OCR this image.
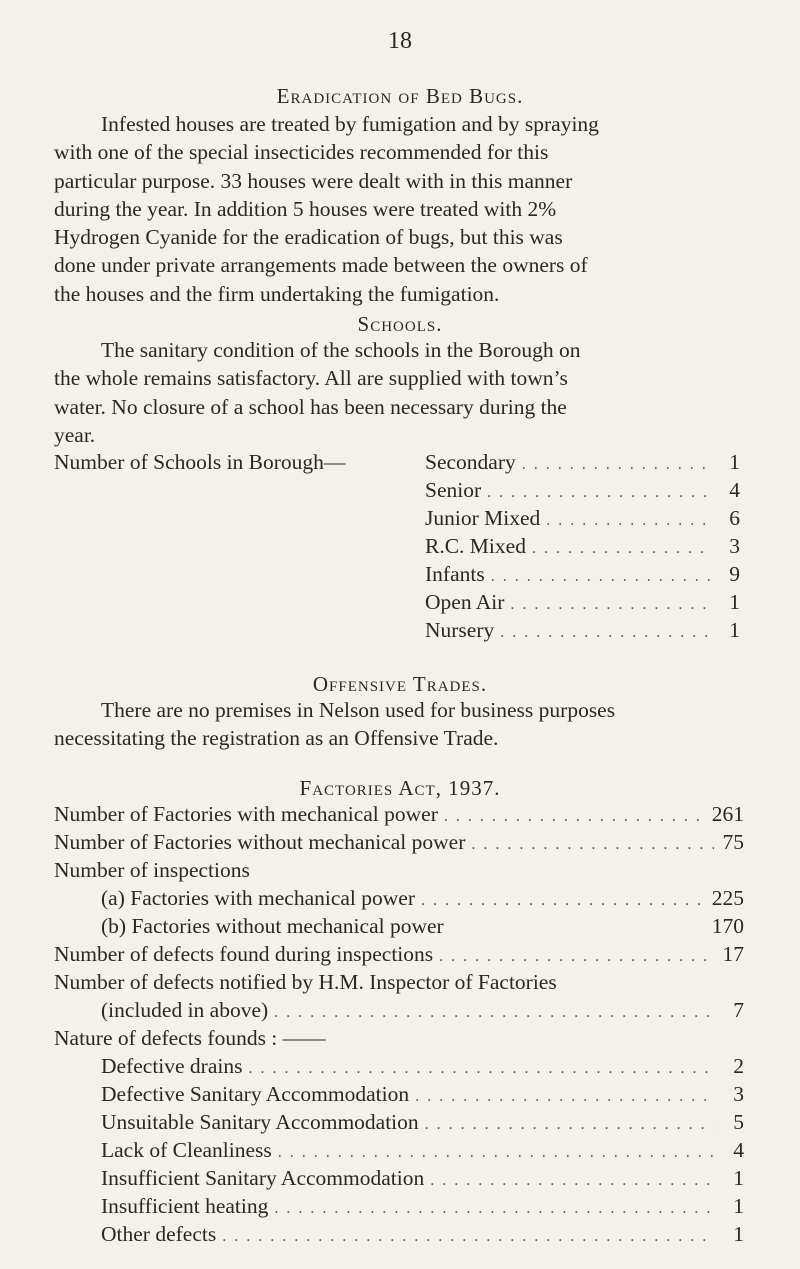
18
Eradication of Bed Bugs.
Infested houses are treated by fumigation and by spraying
with one of the special insecticides recommended for this
particular purpose. 33 houses were dealt with in this manner
during the year. In addition 5 houses were treated with 2%
Hydrogen Cyanide for the eradication of bugs, but this was
done under private arrangements made between the owners of
the houses and the firm undertaking the fumigation.
Schools.
The sanitary condition of the schools in the Borough on
the whole remains satisfactory. All are supplied with town’s
water. No closure of a school has been necessary during the
year.
Number of Schools in Borough—	Secondary . . .	1
Senior . . .	4
Junior Mixed . . .	6
R.C. Mixed . . .	3
Infants . . .	9
Open Air . . .	1
Nursery . . .	1
Offensive Trades.
There are no premises in Nelson used for business purposes
necessitating the registration as an Offensive Trade.
Factories Act, 1937.
Number of Factories with mechanical power . . .	261
Number of Factories without mechanical power . . .	75
Number of inspections
(a) Factories with mechanical power . . .	225
(b) Factories without mechanical power	170
Number of defects found during inspections . . .	17
Number of defects notified by H.M. Inspector of Factories
(included in above) . . .	7
Nature of defects founds : ——
Defective drains . . .	2
Defective Sanitary Accommodation . . .	3
Unsuitable Sanitary Accommodation . . .	5
Lack of Cleanliness . . .	4
Insufficient Sanitary Accommodation . . .	1
Insufficient heating . . .	1
Other defects . . .	1
